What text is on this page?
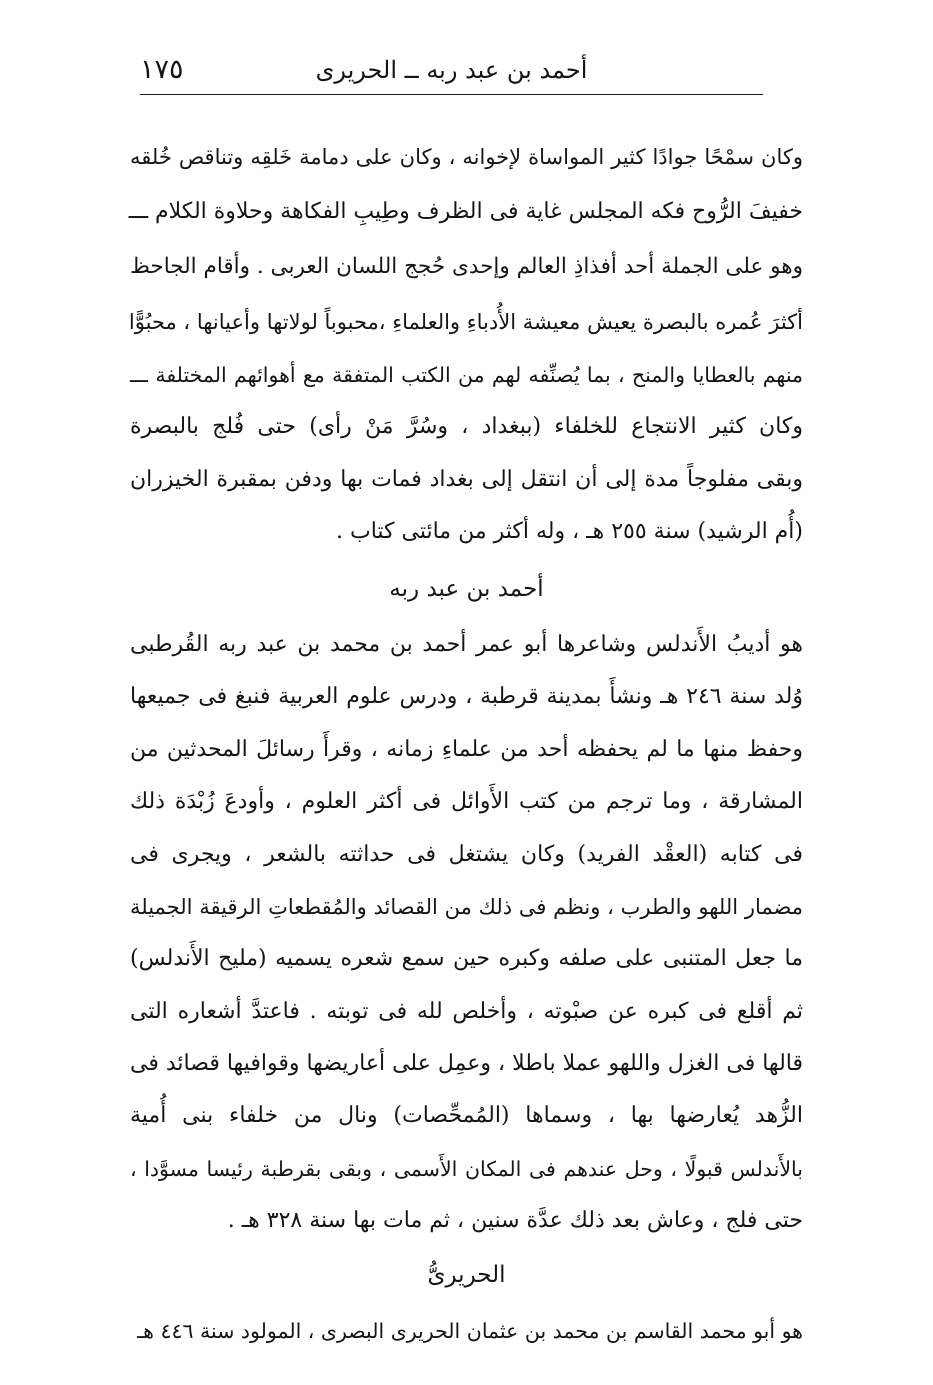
١٧٥	أحمد بن عبد ربه ــ الحريرى
وكان سمْحًا جوادًا كثير المواساة لإخوانه ، وكان على دمامة خَلقِه وتناقص خُلقه
خفيفَ الرُّوح فكه المجلس غاية فى الظرف وطِيبِ الفكاهة وحلاوة الكلام ـــ
وهو على الجملة أحد أفذاذِ العالم وإحدى حُجج اللسان العربى . وأقام الجاحظ
أكثرَ عُمره بالبصرة يعيش معيشة الأُدباءِ والعلماءِ ،محبوباً لولاتها وأعيانها ، محبُوًّا
منهم بالعطايا والمنح ، بما يُصنِّفه لهم من الكتب المتفقة مع أهوائهم المختلفة ـــ
وكان كثير الانتجاع للخلفاء (ببغداد ، وسُرَّ مَنْ رأى) حتى فُلج بالبصرة
وبقى مفلوجاً مدة إلى أن انتقل إلى بغداد فمات بها ودفن بمقبرة الخيزران
(أُم الرشيد) سنة ٢٥٥ هـ ، وله أكثر من مائتى كتاب .
أحمد بن عبد ربه
هو أديبُ الأَندلس وشاعرها أبو عمر أحمد بن محمد بن عبد ربه القُرطبى
وُلد سنة ٢٤٦ هـ ونشأَ بمدينة قرطبة ، ودرس علوم العربية فنبغ فى جميعها
وحفظ منها ما لم يحفظه أحد من علماءِ زمانه ، وقرأَ رسائلَ المحدثين من
المشارقة ، وما ترجم من كتب الأَوائل فى أكثر العلوم ، وأودعَ زُبْدَة ذلك
فى كتابه (العقْد الفريد) وكان يشتغل فى حداثته بالشعر ، ويجرى فى
مضمار اللهو والطرب ، ونظم فى ذلك من القصائد والمُقطعاتِ الرقيقة الجميلة
ما جعل المتنبى على صلفه وكبره حين سمع شعره يسميه (مليح الأَندلس)
ثم أقلع فى كبره عن صبْوته ، وأخلص لله فى توبته . فاعتدَّ أشعاره التى
قالها فى الغزل واللهو عملا باطلا ، وعمِل على أعاريضها وقوافيها قصائد فى
الزُّهد يُعارضها بها ، وسماها (المُمحِّصات) ونال من خلفاء بنى أُمية
بالأَندلس قبولًا ، وحل عندهم فى المكان الأَسمى ، وبقى بقرطبة رئيسا مسوَّدا ،
حتى فلج ، وعاش بعد ذلك عدَّة سنين ، ثم مات بها سنة ٣٢٨ هـ .
الحريرىُّ
هو أبو محمد القاسم بن محمد بن عثمان الحريرى البصرى ، المولود سنة ٤٤٦ هـ
